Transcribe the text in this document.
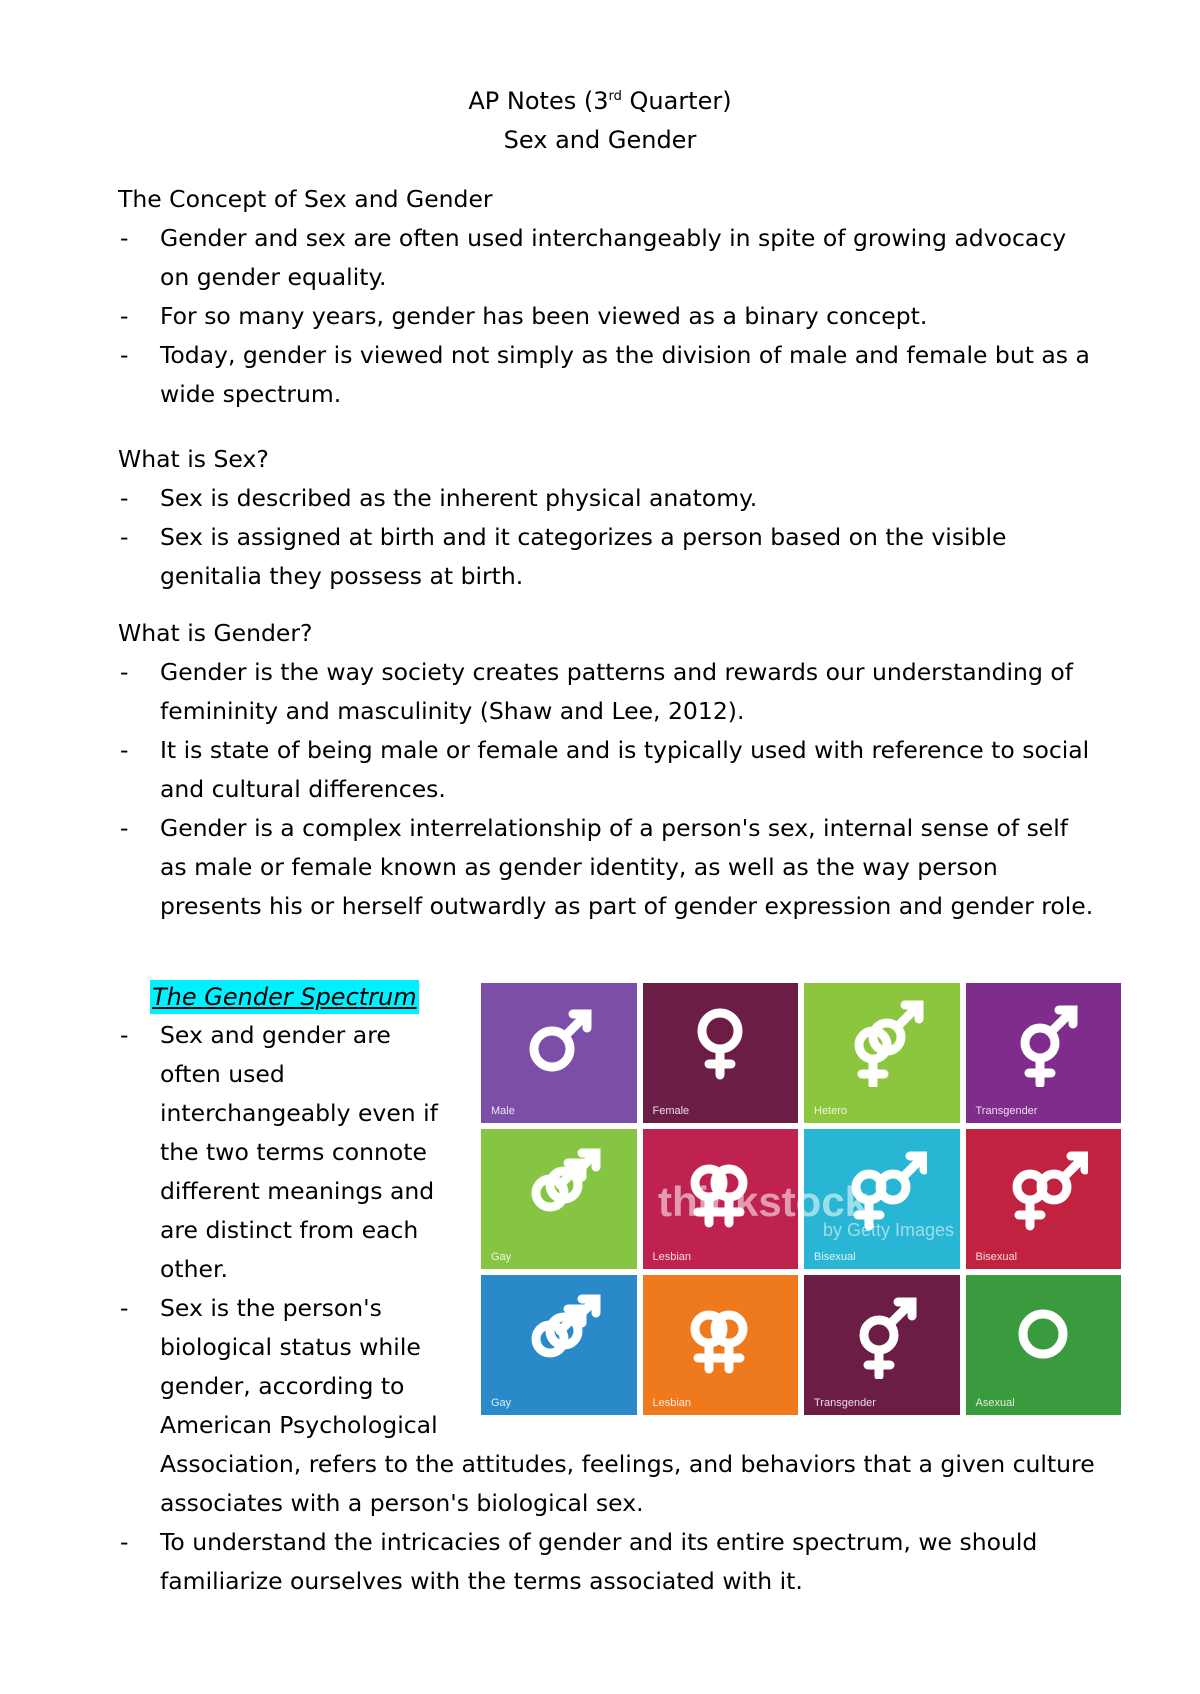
AP Notes (3rd Quarter)
Sex and Gender
The Concept of Sex and Gender
- Gender and sex are often used interchangeably in spite of growing advocacy on gender equality.
- For so many years, gender has been viewed as a binary concept.
- Today, gender is viewed not simply as the division of male and female but as a wide spectrum.
What is Sex?
- Sex is described as the inherent physical anatomy.
- Sex is assigned at birth and it categorizes a person based on the visible genitalia they possess at birth.
What is Gender?
- Gender is the way society creates patterns and rewards our understanding of femininity and masculinity (Shaw and Lee, 2012).
- It is state of being male or female and is typically used with reference to social and cultural differences.
- Gender is a complex interrelationship of a person's sex, internal sense of self as male or female known as gender identity, as well as the way person presents his or herself outwardly as part of gender expression and gender role.
The Gender Spectrum
- Sex and gender are often used interchangeably even if the two terms connote different meanings and are distinct from each other.
- Sex is the person's biological status while gender, according to American Psychological
Association, refers to the attitudes, feelings, and behaviors that a given culture associates with a person's biological sex.
- To understand the intricacies of gender and its entire spectrum, we should familiarize ourselves with the terms associated with it.
Male	Female	Hetero	Transgender
Gay	Lesbian	Bisexual	Bisexual
Gay	Lesbian	Transgender	Asexual
thinkstock
by Getty Images
